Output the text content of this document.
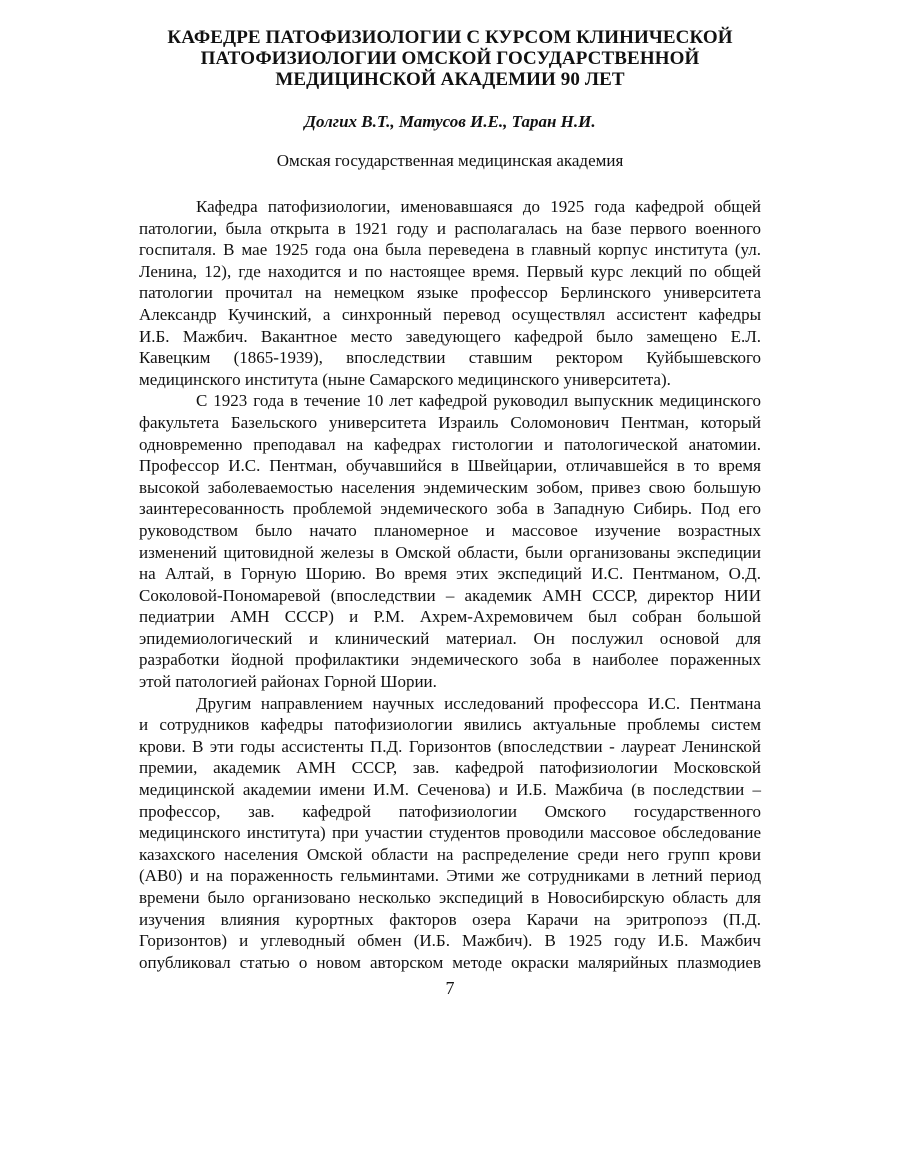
КАФЕДРЕ ПАТОФИЗИОЛОГИИ С КУРСОМ КЛИНИЧЕСКОЙ
ПАТОФИЗИОЛОГИИ ОМСКОЙ ГОСУДАРСТВЕННОЙ
МЕДИЦИНСКОЙ АКАДЕМИИ 90 ЛЕТ
Долгих В.Т., Матусов И.Е., Таран Н.И.
Омская государственная медицинская академия
Кафедра патофизиологии, именовавшаяся до 1925 года кафедрой общей
патологии, была открыта в 1921 году и располагалась на базе первого военного
госпиталя. В мае 1925 года она была переведена в главный корпус института (ул.
Ленина, 12), где находится и по настоящее время. Первый курс лекций по общей
патологии прочитал на немецком языке профессор Берлинского университета
Александр Кучинский, а синхронный перевод осуществлял ассистент кафедры
И.Б. Мажбич. Вакантное место заведующего кафедрой было замещено Е.Л.
Кавецким (1865-1939), впоследствии ставшим ректором Куйбышевского
медицинского института (ныне Самарского медицинского университета).
С 1923 года в течение 10 лет кафедрой руководил выпускник медицинского
факультета Базельского университета Израиль Соломонович Пентман, который
одновременно преподавал на кафедрах гистологии и патологической анатомии.
Профессор И.С. Пентман, обучавшийся в Швейцарии, отличавшейся в то время
высокой заболеваемостью населения эндемическим зобом, привез свою большую
заинтересованность проблемой эндемического зоба в Западную Сибирь. Под его
руководством было начато планомерное и массовое изучение возрастных
изменений щитовидной железы в Омской области, были организованы экспедиции
на Алтай, в Горную Шорию. Во время этих экспедиций И.С. Пентманом, О.Д.
Соколовой-Пономаревой (впоследствии – академик АМН СССР, директор НИИ
педиатрии АМН СССР) и Р.М. Ахрем-Ахремовичем был собран большой
эпидемиологический и клинический материал. Он послужил основой для
разработки йодной профилактики эндемического зоба в наиболее пораженных
этой патологией районах Горной Шории.
Другим направлением научных исследований профессора И.С. Пентмана
и сотрудников кафедры патофизиологии явились актуальные проблемы систем
крови. В эти годы ассистенты П.Д. Горизонтов (впоследствии - лауреат Ленинской
премии, академик АМН СССР, зав. кафедрой патофизиологии Московской
медицинской академии имени И.М. Сеченова) и И.Б. Мажбича (в последствии –
профессор, зав. кафедрой патофизиологии Омского государственного
медицинского института) при участии студентов проводили массовое обследование
казахского населения Омской области на распределение среди него групп крови
(AB0) и на пораженность гельминтами. Этими же сотрудниками в летний период
времени было организовано несколько экспедиций в Новосибирскую область для
изучения влияния курортных факторов озера Карачи на эритропоэз (П.Д.
Горизонтов) и углеводный обмен (И.Б. Мажбич). В 1925 году И.Б. Мажбич
опубликовал статью о новом авторском методе окраски малярийных плазмодиев
7
